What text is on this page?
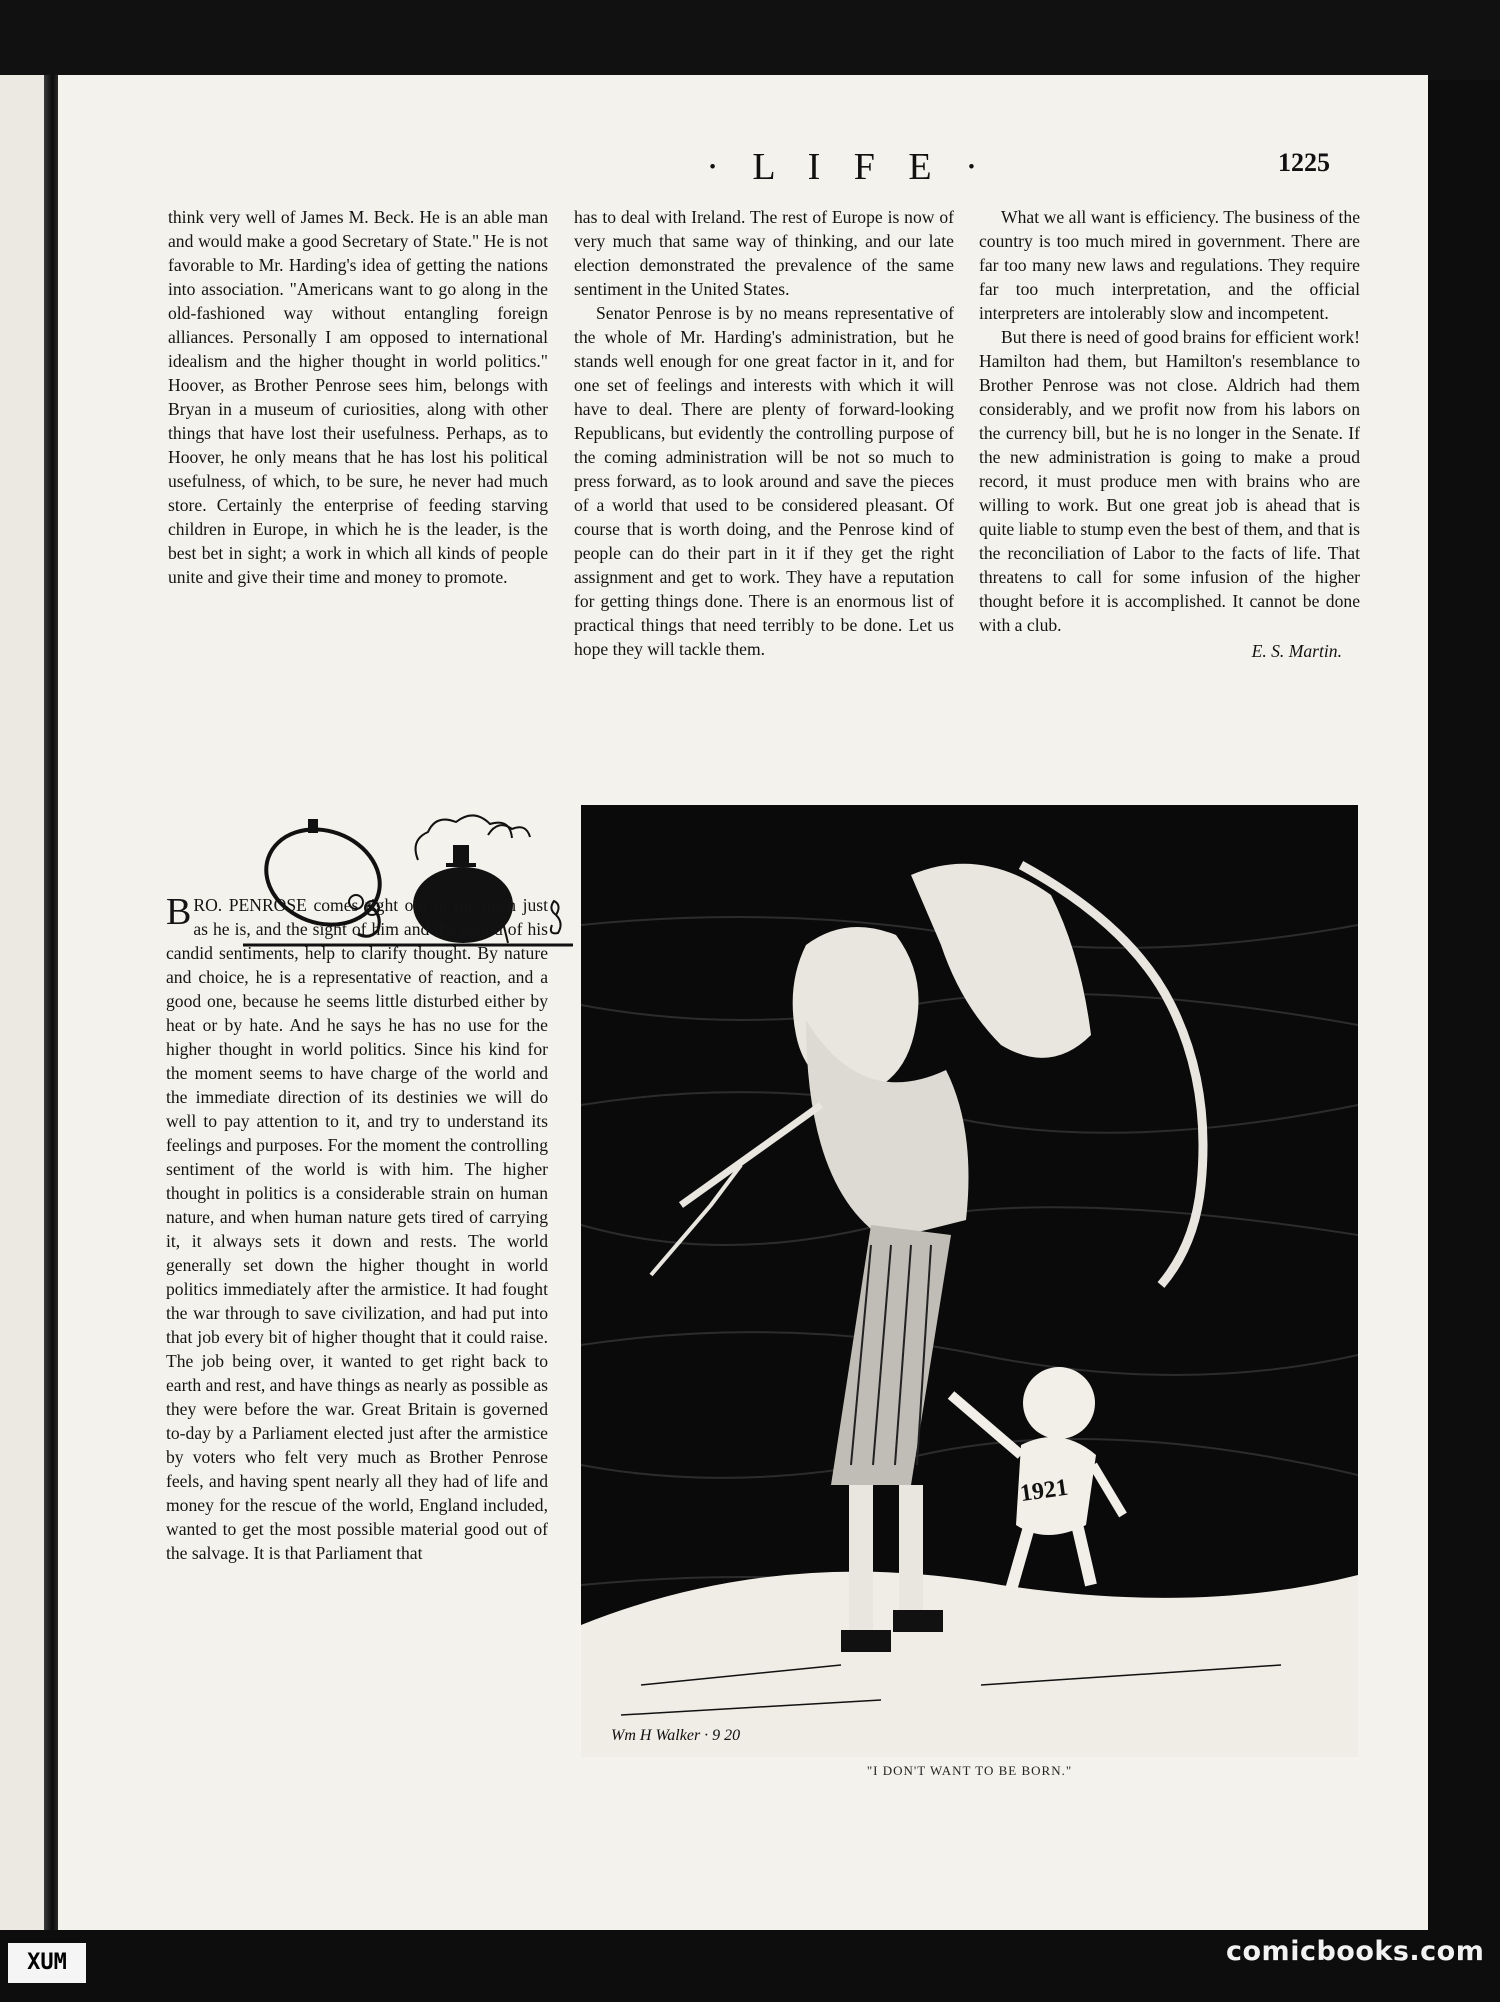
· L I F E ·	1225

think very well of James M. Beck. He is an able man and would make a good Secretary of State." He is not favorable to Mr. Harding's idea of getting the nations into association. "Americans want to go along in the old-fashioned way without entangling foreign alliances. Personally I am opposed to international idealism and the higher thought in world politics." Hoover, as Brother Penrose sees him, belongs with Bryan in a museum of curiosities, along with other things that have lost their usefulness. Perhaps, as to Hoover, he only means that he has lost his political usefulness, of which, to be sure, he never had much store. Certainly the enterprise of feeding starving children in Europe, in which he is the leader, is the best bet in sight; a work in which all kinds of people unite and give their time and money to promote.

BRO. PENROSE comes right out in the open just as he is, and the sight of him and the sound of his candid sentiments, help to clarify thought. By nature and choice, he is a representative of reaction, and a good one, because he seems little disturbed either by heat or by hate. And he says he has no use for the higher thought in world politics. Since his kind for the moment seems to have charge of the world and the immediate direction of its destinies we will do well to pay attention to it, and try to understand its feelings and purposes. For the moment the controlling sentiment of the world is with him. The higher thought in politics is a considerable strain on human nature, and when human nature gets tired of carrying it, it always sets it down and rests. The world generally set down the higher thought in world politics immediately after the armistice. It had fought the war through to save civilization, and had put into that job every bit of higher thought that it could raise. The job being over, it wanted to get right back to earth and rest, and have things as nearly as possible as they were before the war. Great Britain is governed to-day by a Parliament elected just after the armistice by voters who felt very much as Brother Penrose feels, and having spent nearly all they had of life and money for the rescue of the world, England included, wanted to get the most possible material good out of the salvage. It is that Parliament that

has to deal with Ireland. The rest of Europe is now of very much that same way of thinking, and our late election demonstrated the prevalence of the same sentiment in the United States.

Senator Penrose is by no means representative of the whole of Mr. Harding's administration, but he stands well enough for one great factor in it, and for one set of feelings and interests with which it will have to deal. There are plenty of forward-looking Republicans, but evidently the controlling purpose of the coming administration will be not so much to press forward, as to look around and save the pieces of a world that used to be considered pleasant. Of course that is worth doing, and the Penrose kind of people can do their part in it if they get the right assignment and get to work. They have a reputation for getting things done. There is an enormous list of practical things that need terribly to be done. Let us hope they will tackle them.

What we all want is efficiency. The business of the country is too much mired in government. There are far too many new laws and regulations. They require far too much interpretation, and the official interpreters are intolerably slow and incompetent.

But there is need of good brains for efficient work! Hamilton had them, but Hamilton's resemblance to Brother Penrose was not close. Aldrich had them considerably, and we profit now from his labors on the currency bill, but he is no longer in the Senate. If the new administration is going to make a proud record, it must produce men with brains who are willing to work. But one great job is ahead that is quite liable to stump even the best of them, and that is the reconciliation of Labor to the facts of life. That threatens to call for some infusion of the higher thought before it is accomplished. It cannot be done with a club.

E. S. Martin.
1921
Wm H Walker · 9 20
"I DON'T WANT TO BE BORN."
XUM	comicbooks.com
